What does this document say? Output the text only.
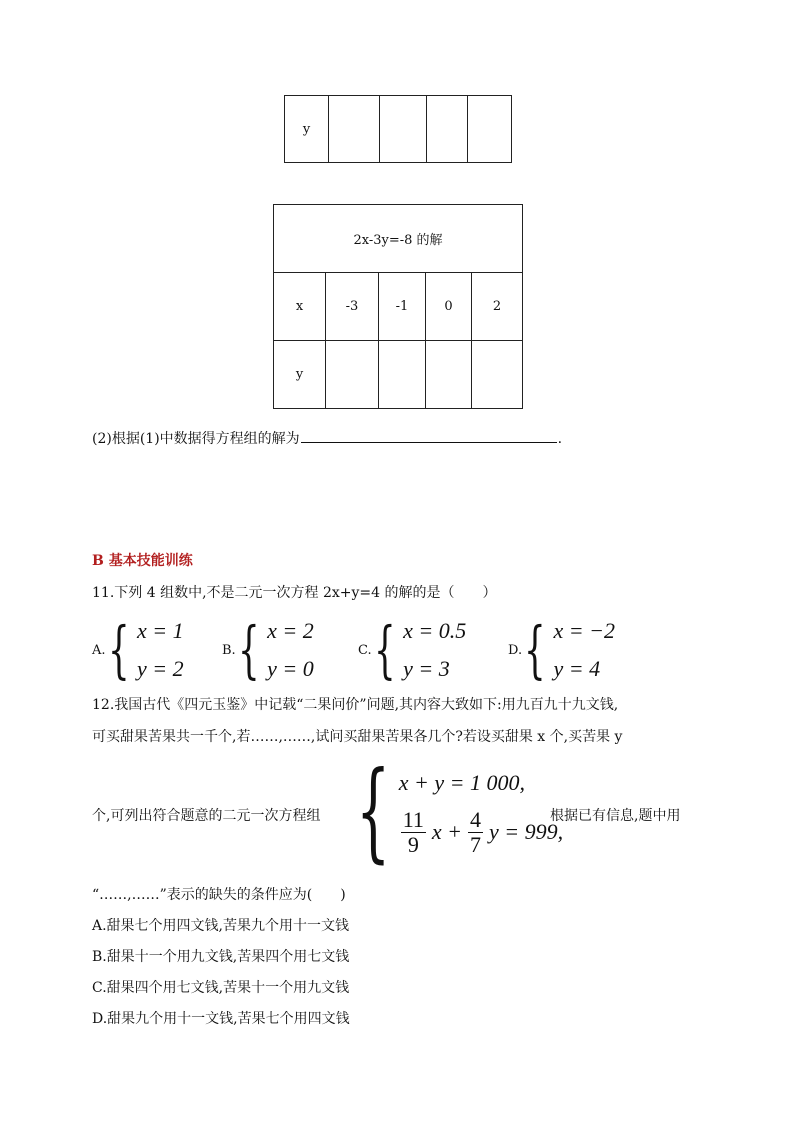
y				
2x-3y=-8 的解				
x	-3	-1	0	2
y				
(2)根据(1)中数据得方程组的解为	.
B 基本技能训练
11.下列 4 组数中,不是二元一次方程 2x+y=4 的解的是（　　）
A. { x = 1
y = 2
B. { x = 2
y = 0
C. { x = 0.5
y = 3
D. { x = −2
y = 4
12.我国古代《四元玉鉴》中记载“二果问价”问题,其内容大致如下:用九百九十九文钱,
可买甜果苦果共一千个,若……,……,试问买甜果苦果各几个?若设买甜果 x 个,买苦果 y
个,可列出符合题意的二元一次方程组 { x + y = 1 000,
$\frac{11}{9}$ $x + \frac{4}{7}$ y = 999,
根据已有信息,题中用
“……,……”表示的缺失的条件应为(　　)
A.甜果七个用四文钱,苦果九个用十一文钱
B.甜果十一个用九文钱,苦果四个用七文钱
C.甜果四个用七文钱,苦果十一个用九文钱
D.甜果九个用十一文钱,苦果七个用四文钱
